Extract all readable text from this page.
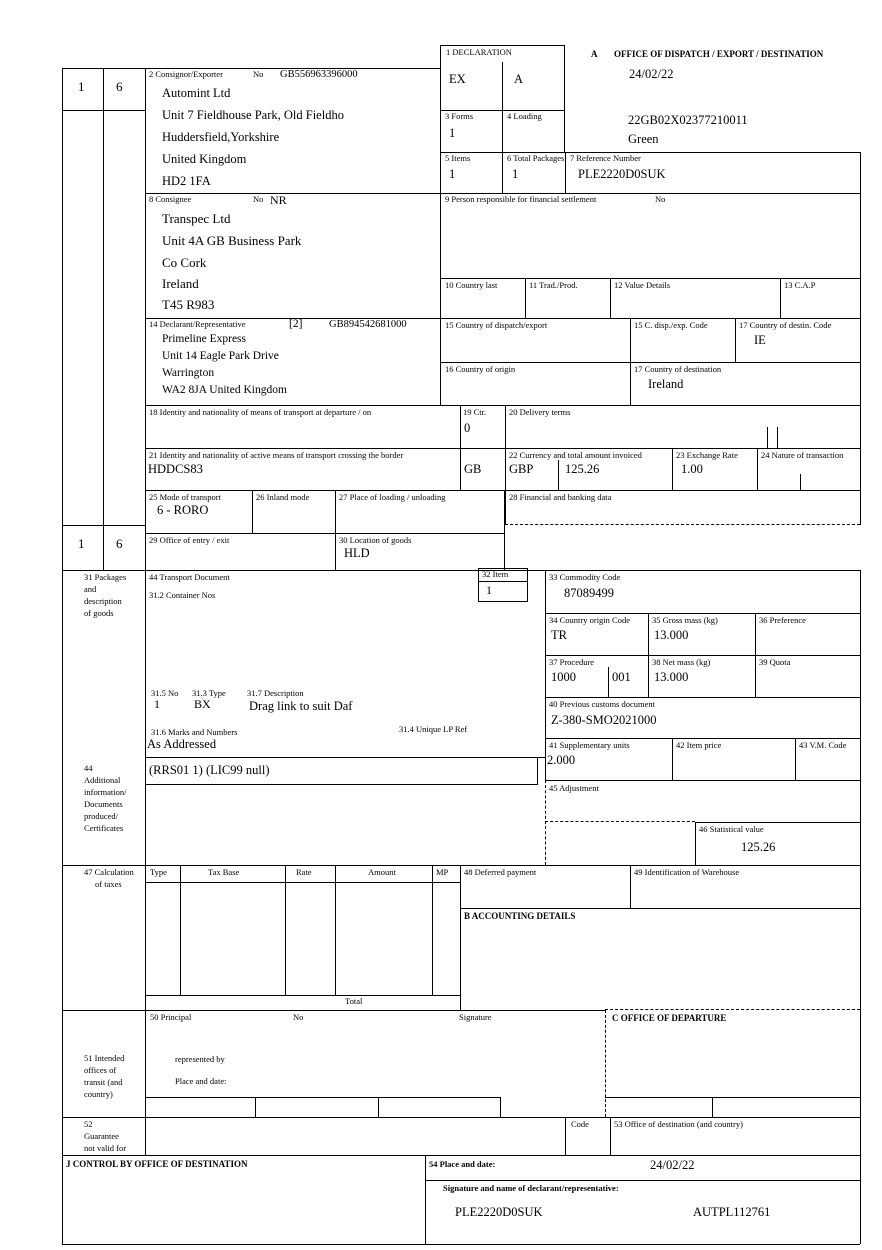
1 DECLARATION
EX	A
A OFFICE OF DISPATCH / EXPORT / DESTINATION
24/02/22
22GB02X02377210011
Green
1 6
1 6
2 Consignor/Exporter	No GB556963396000
Automint Ltd
Unit 7 Fieldhouse Park, Old Fieldho
Huddersfield,Yorkshire
United Kingdom
HD2 1FA
3 Forms
1
4 Loading
5 Items
1
6 Total Packages
1
7 Reference Number
PLE2220D0SUK
8 Consignee	No NR
Transpec Ltd
Unit 4A GB Business Park
Co Cork
Ireland
T45 R983
9 Person responsible for financial settlement	No
10 Country last	11 Trad./Prod.	12 Value Details	13 C.A.P
14 Declarant/Representative	[2]	GB894542681000
Primeline Express
Unit 14 Eagle Park Drive
Warrington
WA2 8JA United Kingdom
15 Country of dispatch/export	15 C. disp./exp. Code	17 Country of destin. Code
IE
16 Country of origin	17 Country of destination
Ireland
18 Identity and nationality of means of transport at departure / on	19 Ctr.
0
20 Delivery terms
21 Identity and nationality of active means of transport crossing the border
HDDCS83	GB
22 Currency and total amount invoiced
GBP	125.26
23 Exchange Rate
1.00
24 Nature of transaction
25 Mode of transport
6 - RORO
26 Inland mode	27 Place of loading / unloading	28 Financial and banking data
29 Office of entry / exit	30 Location of goods
HLD
31 Packages
and
description
of goods
44 Transport Document
31.2 Container Nos
32 Item
1
33 Commodity Code
87089499
34 Country origin Code
TR
35 Gross mass (kg)
13.000
36 Preference
37 Procedure
1000	001
38 Net mass (kg)
13.000
39 Quota
31.5 No 31.3 Type	31.7 Description
1	BX	Drag link to suit Daf	40 Previous customs document
Z-380-SMO2021000
31.6 Marks and Numbers	31.4 Unique LP Ref
As Addressed	41 Supplementary units
2.000
42 Item price	43 V.M. Code
(RRS01 1) (LIC99 null)
44
Additional
information/
Documents
produced/
Certificates
45 Adjustment
46 Statistical value
125.26
47 Calculation
of taxes
Type	Tax Base	Rate	Amount	MP
Total
48 Deferred payment	49 Identification of Warehouse
B ACCOUNTING DETAILS
50 Principal	No	Signature	C OFFICE OF DEPARTURE
51 Intended
offices of
transit (and
country)
represented by
Place and date:
52
Guarantee
not valid for
Code	53 Office of destination (and country)
J CONTROL BY OFFICE OF DESTINATION	54 Place and date:	24/02/22
Signature and name of declarant/representative:
PLE2220D0SUK	AUTPL112761
